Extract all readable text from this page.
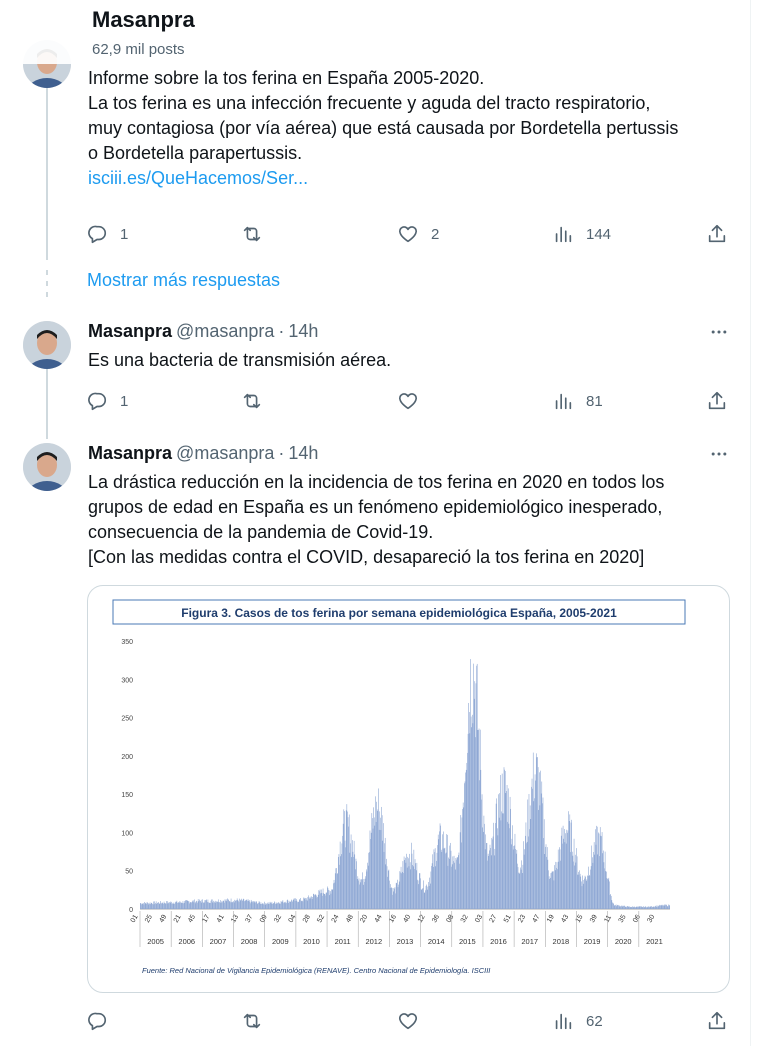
Masanpra
62,9 mil posts

Informe sobre la tos ferina en España 2005-2020.

La tos ferina es una infección frecuente y aguda del tracto respiratorio,

muy contagiosa (por vía aérea) que está causada por Bordetella pertussis

o Bordetella parapertussis.

isciii.es/QueHacemos/Ser...

1	2	144
Mostrar más respuestas
Masanpra @masanpra · 14h

Es una bacteria de transmisión aérea.

1	81
Masanpra @masanpra · 14h

La drástica reducción en la incidencia de tos ferina en 2020 en todos los

grupos de edad en España es un fenómeno epidemiológico inesperado,

consecuencia de la pandemia de Covid-19.

[Con las medidas contra el COVID, desapareció la tos ferina en 2020]

Figura 3. Casos de tos ferina por semana epidemiológica España, 2005-2021
0
50
100
150
200
250
300
350
01 25 49 21 45 17 41 13 37 09 32 04 28 52 24 48 20 44 16 40 12 36 08 32 03 27 51 23 47 19 43 15 39 11 35 06 30
2005 2006 2007 2008 2009 2010 2011 2012 2013 2014 2015 2016 2017 2018 2019 2020 2021
Fuente: Red Nacional de Vigilancia Epidemiológica (RENAVE). Centro Nacional de Epidemiología. ISCIII
62
